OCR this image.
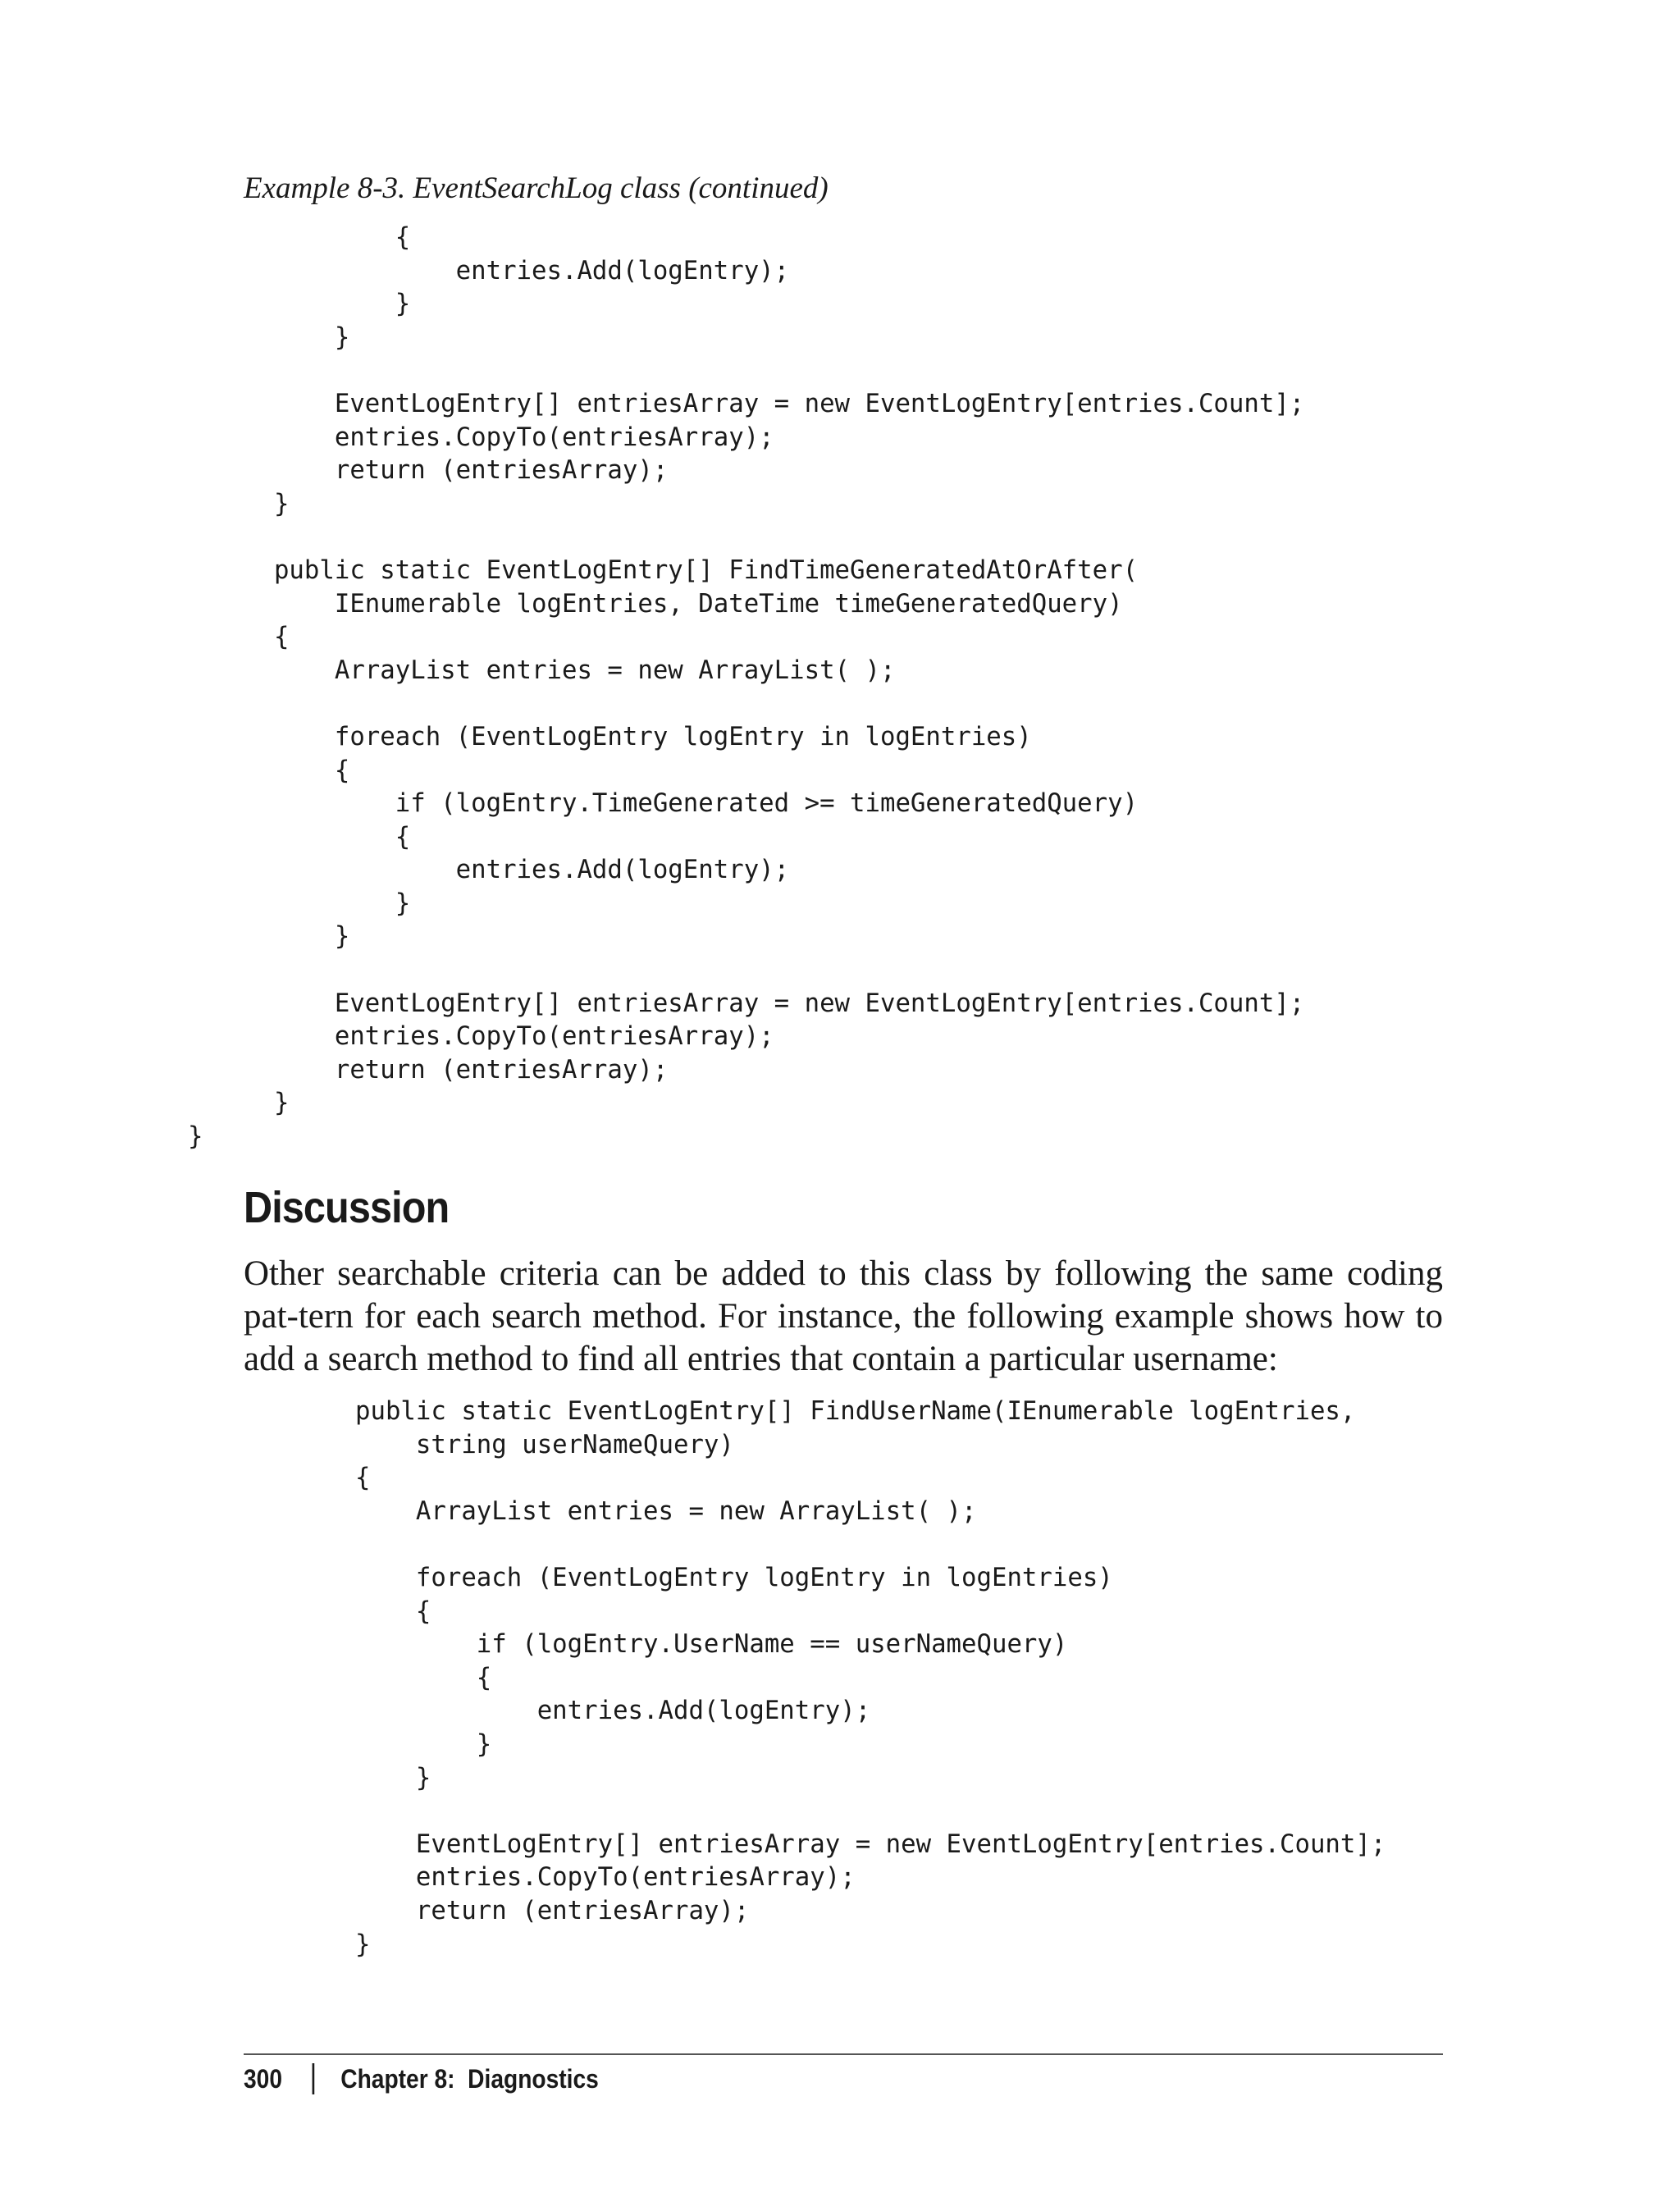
Example 8-3. EventSearchLog class (continued)
{
entries.Add(logEntry);
}
}

EventLogEntry[] entriesArray = new EventLogEntry[entries.Count];
entries.CopyTo(entriesArray);
return (entriesArray);
}

public static EventLogEntry[] FindTimeGeneratedAtOrAfter(
IEnumerable logEntries, DateTime timeGeneratedQuery)
{
ArrayList entries = new ArrayList( );

foreach (EventLogEntry logEntry in logEntries)
{
if (logEntry.TimeGenerated >= timeGeneratedQuery)
{
entries.Add(logEntry);
}
}

EventLogEntry[] entriesArray = new EventLogEntry[entries.Count];
entries.CopyTo(entriesArray);
return (entriesArray);
}
}
Discussion

Other searchable criteria can be added to this class by following the same coding pat-tern for each search method. For instance, the following example shows how to add a search method to find all entries that contain a particular username:

public static EventLogEntry[] FindUserName(IEnumerable logEntries,
string userNameQuery)
{
ArrayList entries = new ArrayList( );

foreach (EventLogEntry logEntry in logEntries)
{
if (logEntry.UserName == userNameQuery)
{
entries.Add(logEntry);
}
}

EventLogEntry[] entriesArray = new EventLogEntry[entries.Count];
entries.CopyTo(entriesArray);
return (entriesArray);
}
300 Chapter 8:  Diagnostics
